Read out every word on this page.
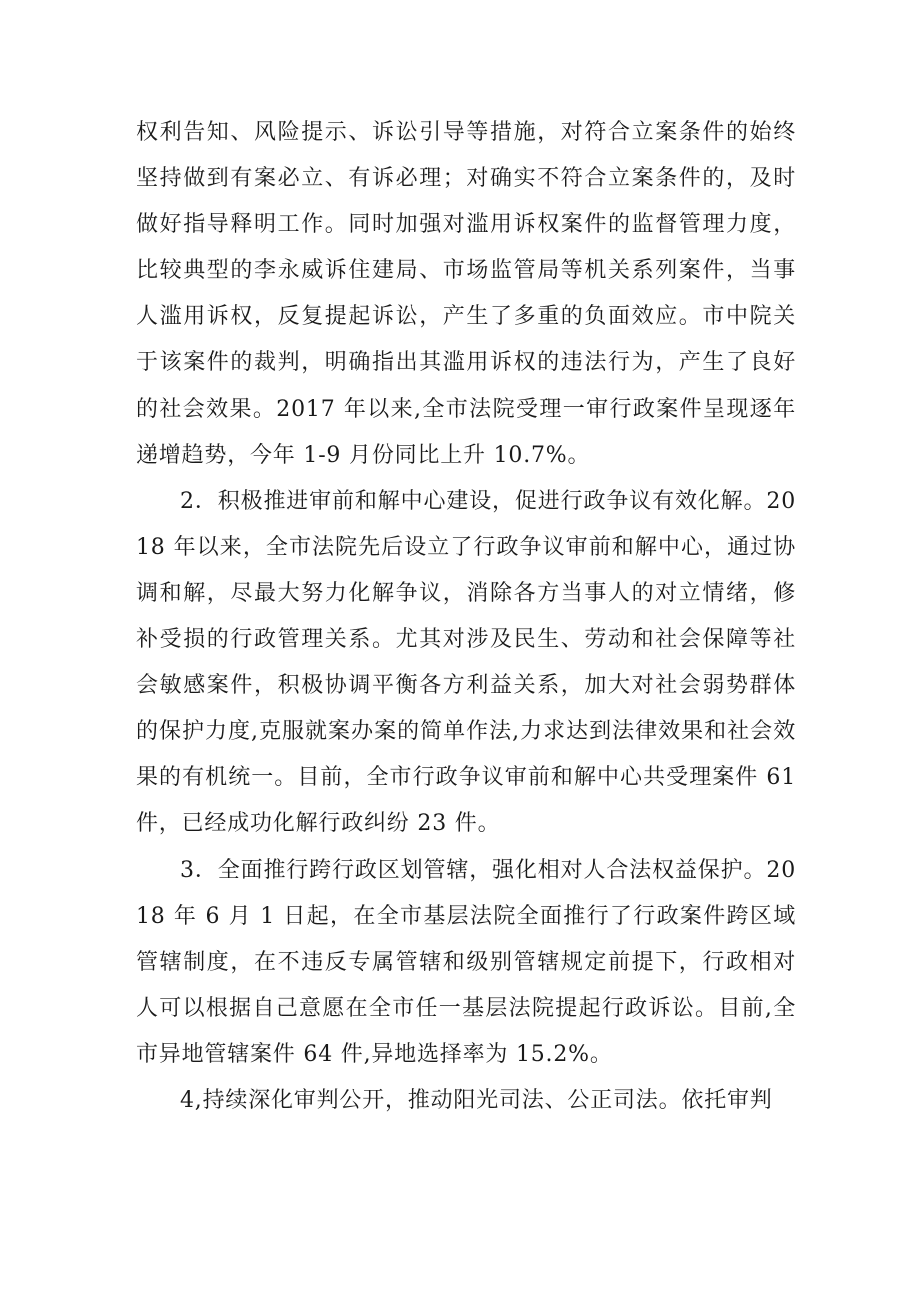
权利告知、风险提示、诉讼引导等措施，对符合立案条件的始终坚持做到有案必立、有诉必理；对确实不符合立案条件的，及时做好指导释明工作。同时加强对滥用诉权案件的监督管理力度，比较典型的李永威诉住建局、市场监管局等机关系列案件，当事人滥用诉权，反复提起诉讼，产生了多重的负面效应。市中院关于该案件的裁判，明确指出其滥用诉权的违法行为，产生了良好的社会效果。2017 年以来,全市法院受理一审行政案件呈现逐年递增趋势，今年 1-9 月份同比上升 10.7%。

2．积极推进审前和解中心建设，促进行政争议有效化解。2018 年以来，全市法院先后设立了行政争议审前和解中心，通过协调和解，尽最大努力化解争议，消除各方当事人的对立情绪，修补受损的行政管理关系。尤其对涉及民生、劳动和社会保障等社会敏感案件，积极协调平衡各方利益关系，加大对社会弱势群体的保护力度,克服就案办案的简单作法,力求达到法律效果和社会效果的有机统一。目前，全市行政争议审前和解中心共受理案件 61 件，已经成功化解行政纠纷 23 件。

3．全面推行跨行政区划管辖，强化相对人合法权益保护。2018 年 6 月 1 日起，在全市基层法院全面推行了行政案件跨区域管辖制度，在不违反专属管辖和级别管辖规定前提下，行政相对人可以根据自己意愿在全市任一基层法院提起行政诉讼。目前,全市异地管辖案件 64 件,异地选择率为 15.2%。

4,持续深化审判公开，推动阳光司法、公正司法。依托审判
